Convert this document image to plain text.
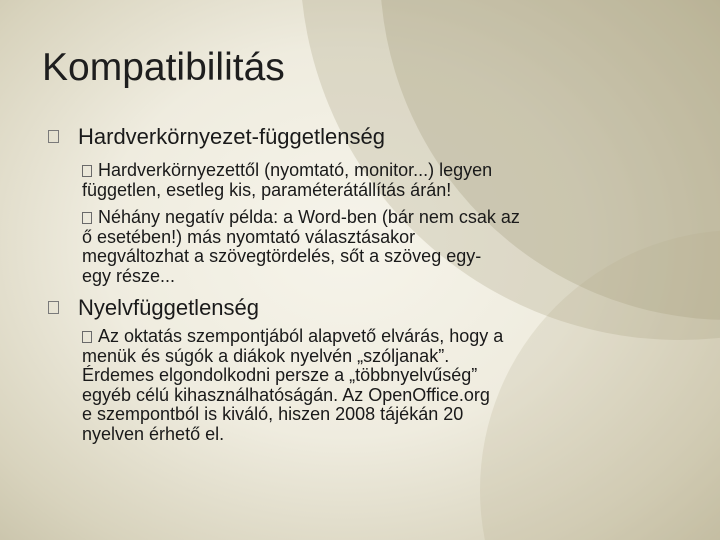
Kompatibilitás
Hardverkörnyezet-függetlenség
Hardverkörnyezettől (nyomtató, monitor...) legyen
független, esetleg kis, paraméterátállítás árán!
Néhány negatív példa: a Word-ben (bár nem csak az
ő esetében!) más nyomtató választásakor
megváltozhat a szövegtördelés, sőt a szöveg egy-
egy része...
Nyelvfüggetlenség
Az oktatás szempontjából alapvető elvárás, hogy a
menük és súgók a diákok nyelvén „szóljanak”.
Érdemes elgondolkodni persze a „többnyelvűség”
egyéb célú kihasználhatóságán. Az OpenOffice.org
e szempontból is kiváló, hiszen 2008 tájékán 20
nyelven érhető el.
